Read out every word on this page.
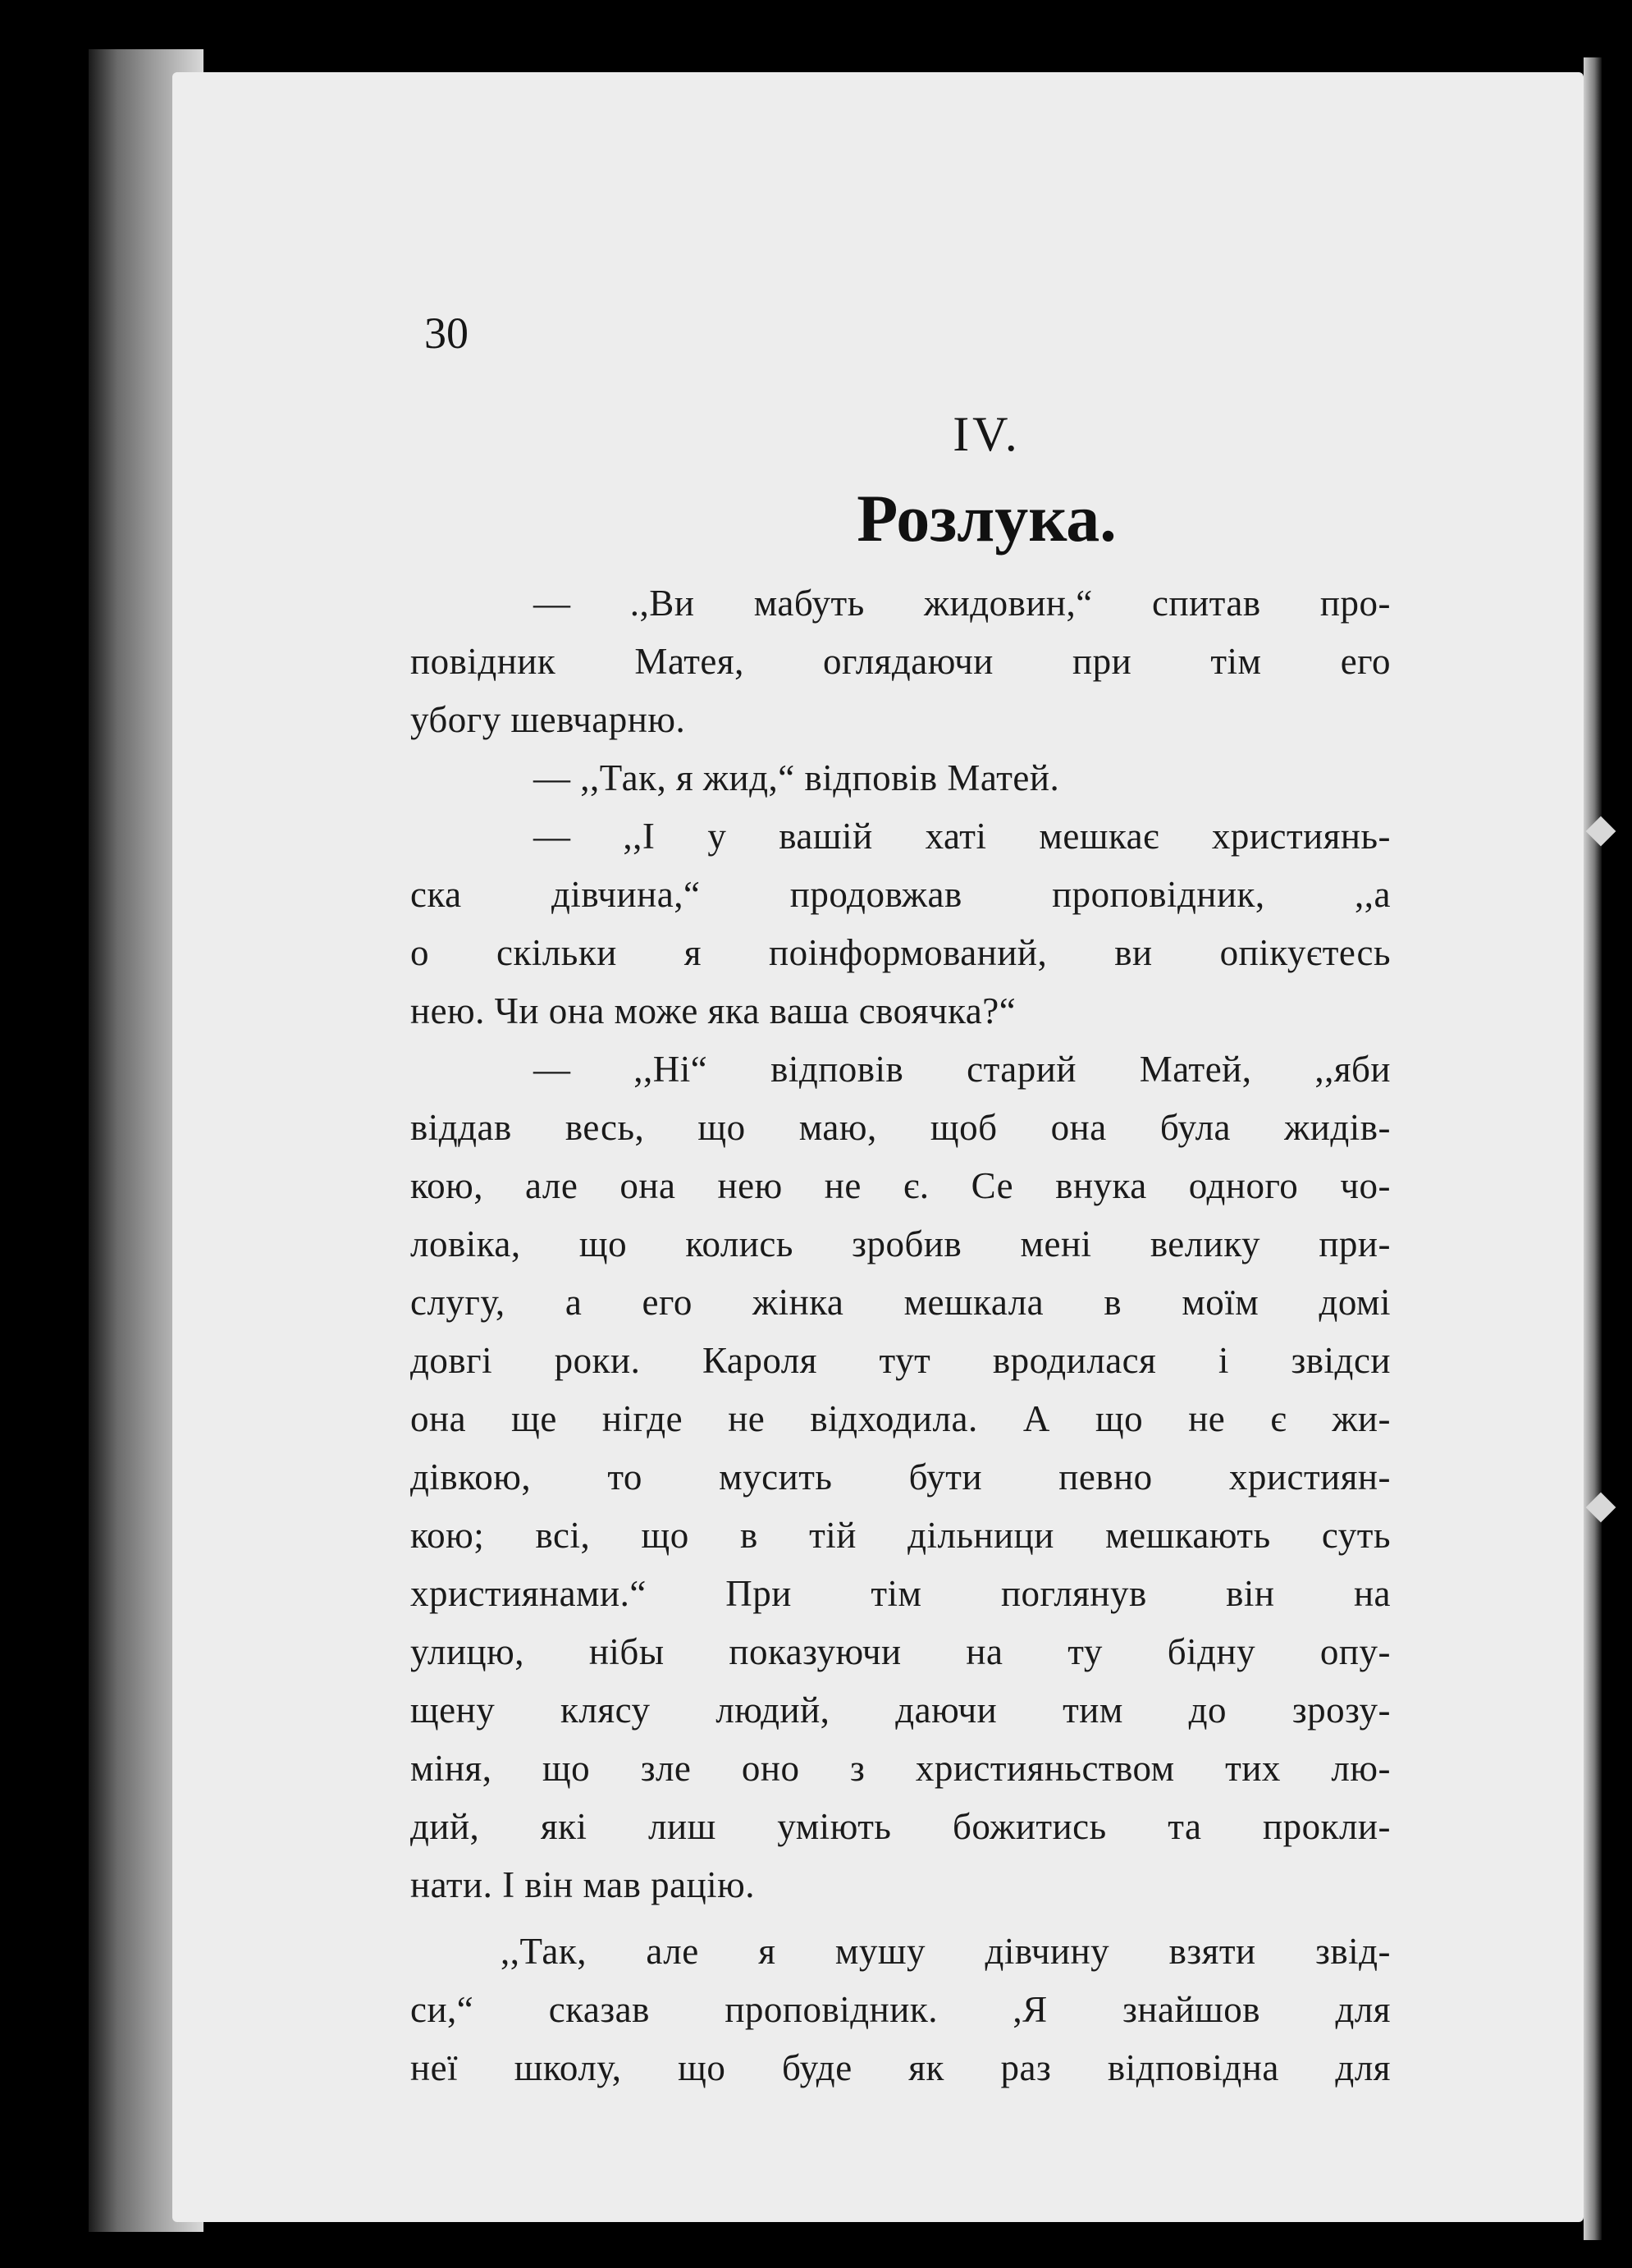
30
IV.
Розлука.
— .,Ви мабуть жидовин,“ спитав про-
повідник Матея, оглядаючи при тім его
убогу шевчарню.
— ,,Так, я жид,“ відповів Матей.
— ,,І у вашій хаті мешкає християнь-
ска дівчина,“ продовжав проповідник, ,,а
о скільки я поінформований, ви опікуєтесь
нею. Чи она може яка ваша своячка?“
— ,,Ні“ відповів старий Матей, ,,яби
віддав весь, що маю, щоб она була жидів-
кою, але она нею не є. Се внука одного чо-
ловіка, що колись зробив мені велику при-
слугу, а его жінка мешкала в моїм домі
довгі роки. Кароля тут вродилася і звідси
она ще нігде не відходила. А що не є жи-
дівкою, то мусить бути певно християн-
кою; всі, що в тій дільници мешкають суть
християнами.“ При тім поглянув він на
улицю, нібы показуючи на ту бідну опу-
щену клясу людий, даючи тим до зрозу-
міня, що зле оно з християньством тих лю-
дий, які лиш уміють божитись та прокли-
нати. І він мав рацію.
,,Так, але я мушу дівчину взяти звід-
си,“ сказав проповідник. ,Я знайшов для
неї школу, що буде як раз відповідна для
